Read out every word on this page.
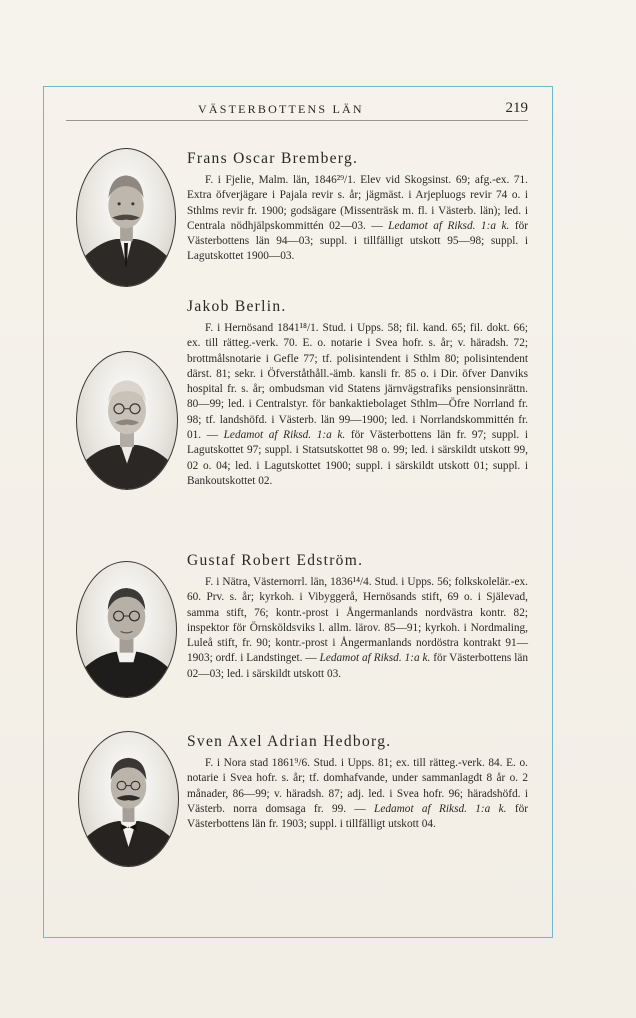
VÄSTERBOTTENS LÄN	219
Frans Oscar Bremberg.

F. i Fjelie, Malm. län, 1846²⁹/1. Elev vid Skogsinst. 69; afg.-ex. 71. Extra öfverjägare i Pajala revir s. år; jägmäst. i Arjepluogs revir 74 o. i Sthlms revir fr. 1900; godsägare (Missenträsk m. fl. i Västerb. län); led. i Centrala nödhjälpskommittén 02—03. — Ledamot af Riksd. 1:a k. för Västerbottens län 94—03; suppl. i tillfälligt utskott 95—98; suppl. i Lagutskottet 1900—03.

Jakob Berlin.

F. i Hernösand 1841¹⁸/1. Stud. i Upps. 58; fil. kand. 65; fil. dokt. 66; ex. till rätteg.-verk. 70. E. o. notarie i Svea hofr. s. år; v. häradsh. 72; brottmålsnotarie i Gefle 77; tf. polisintendent i Sthlm 80; polisintendent därst. 81; sekr. i Öfverståthåll.-ämb. kansli fr. 85 o. i Dir. öfver Danviks hospital fr. s. år; ombudsman vid Statens järnvägstrafiks pensionsinrättn. 80—99; led. i Centralstyr. för bankaktiebolaget Sthlm—Öfre Norrland fr. 98; tf. landshöfd. i Västerb. län 99—1900; led. i Norrlandskommittén fr. 01. — Ledamot af Riksd. 1:a k. för Västerbottens län fr. 97; suppl. i Lagutskottet 97; suppl. i Statsutskottet 98 o. 99; led. i särskildt utskott 99, 02 o. 04; led. i Lagutskottet 1900; suppl. i särskildt utskott 01; suppl. i Bankoutskottet 02.

Gustaf Robert Edström.

F. i Nätra, Västernorrl. län, 1836¹⁴/4. Stud. i Upps. 56; folkskolelär.-ex. 60. Prv. s. år; kyrkoh. i Vibyggerå, Hernösands stift, 69 o. i Själevad, samma stift, 76; kontr.-prost i Ångermanlands nordvästra kontr. 82; inspektor för Örnsköldsviks l. allm. lärov. 85—91; kyrkoh. i Nordmaling, Luleå stift, fr. 90; kontr.-prost i Ångermanlands nordöstra kontrakt 91—1903; ordf. i Landstinget. — Ledamot af Riksd. 1:a k. för Västerbottens län 02—03; led. i särskildt utskott 03.

Sven Axel Adrian Hedborg.

F. i Nora stad 1861⁹/6. Stud. i Upps. 81; ex. till rätteg.-verk. 84. E. o. notarie i Svea hofr. s. år; tf. domhafvande, under sammanlagdt 8 år o. 2 månader, 86—99; v. häradsh. 87; adj. led. i Svea hofr. 96; häradshöfd. i Västerb. norra domsaga fr. 99. — Ledamot af Riksd. 1:a k. för Västerbottens län fr. 1903; suppl. i tillfälligt utskott 04.
